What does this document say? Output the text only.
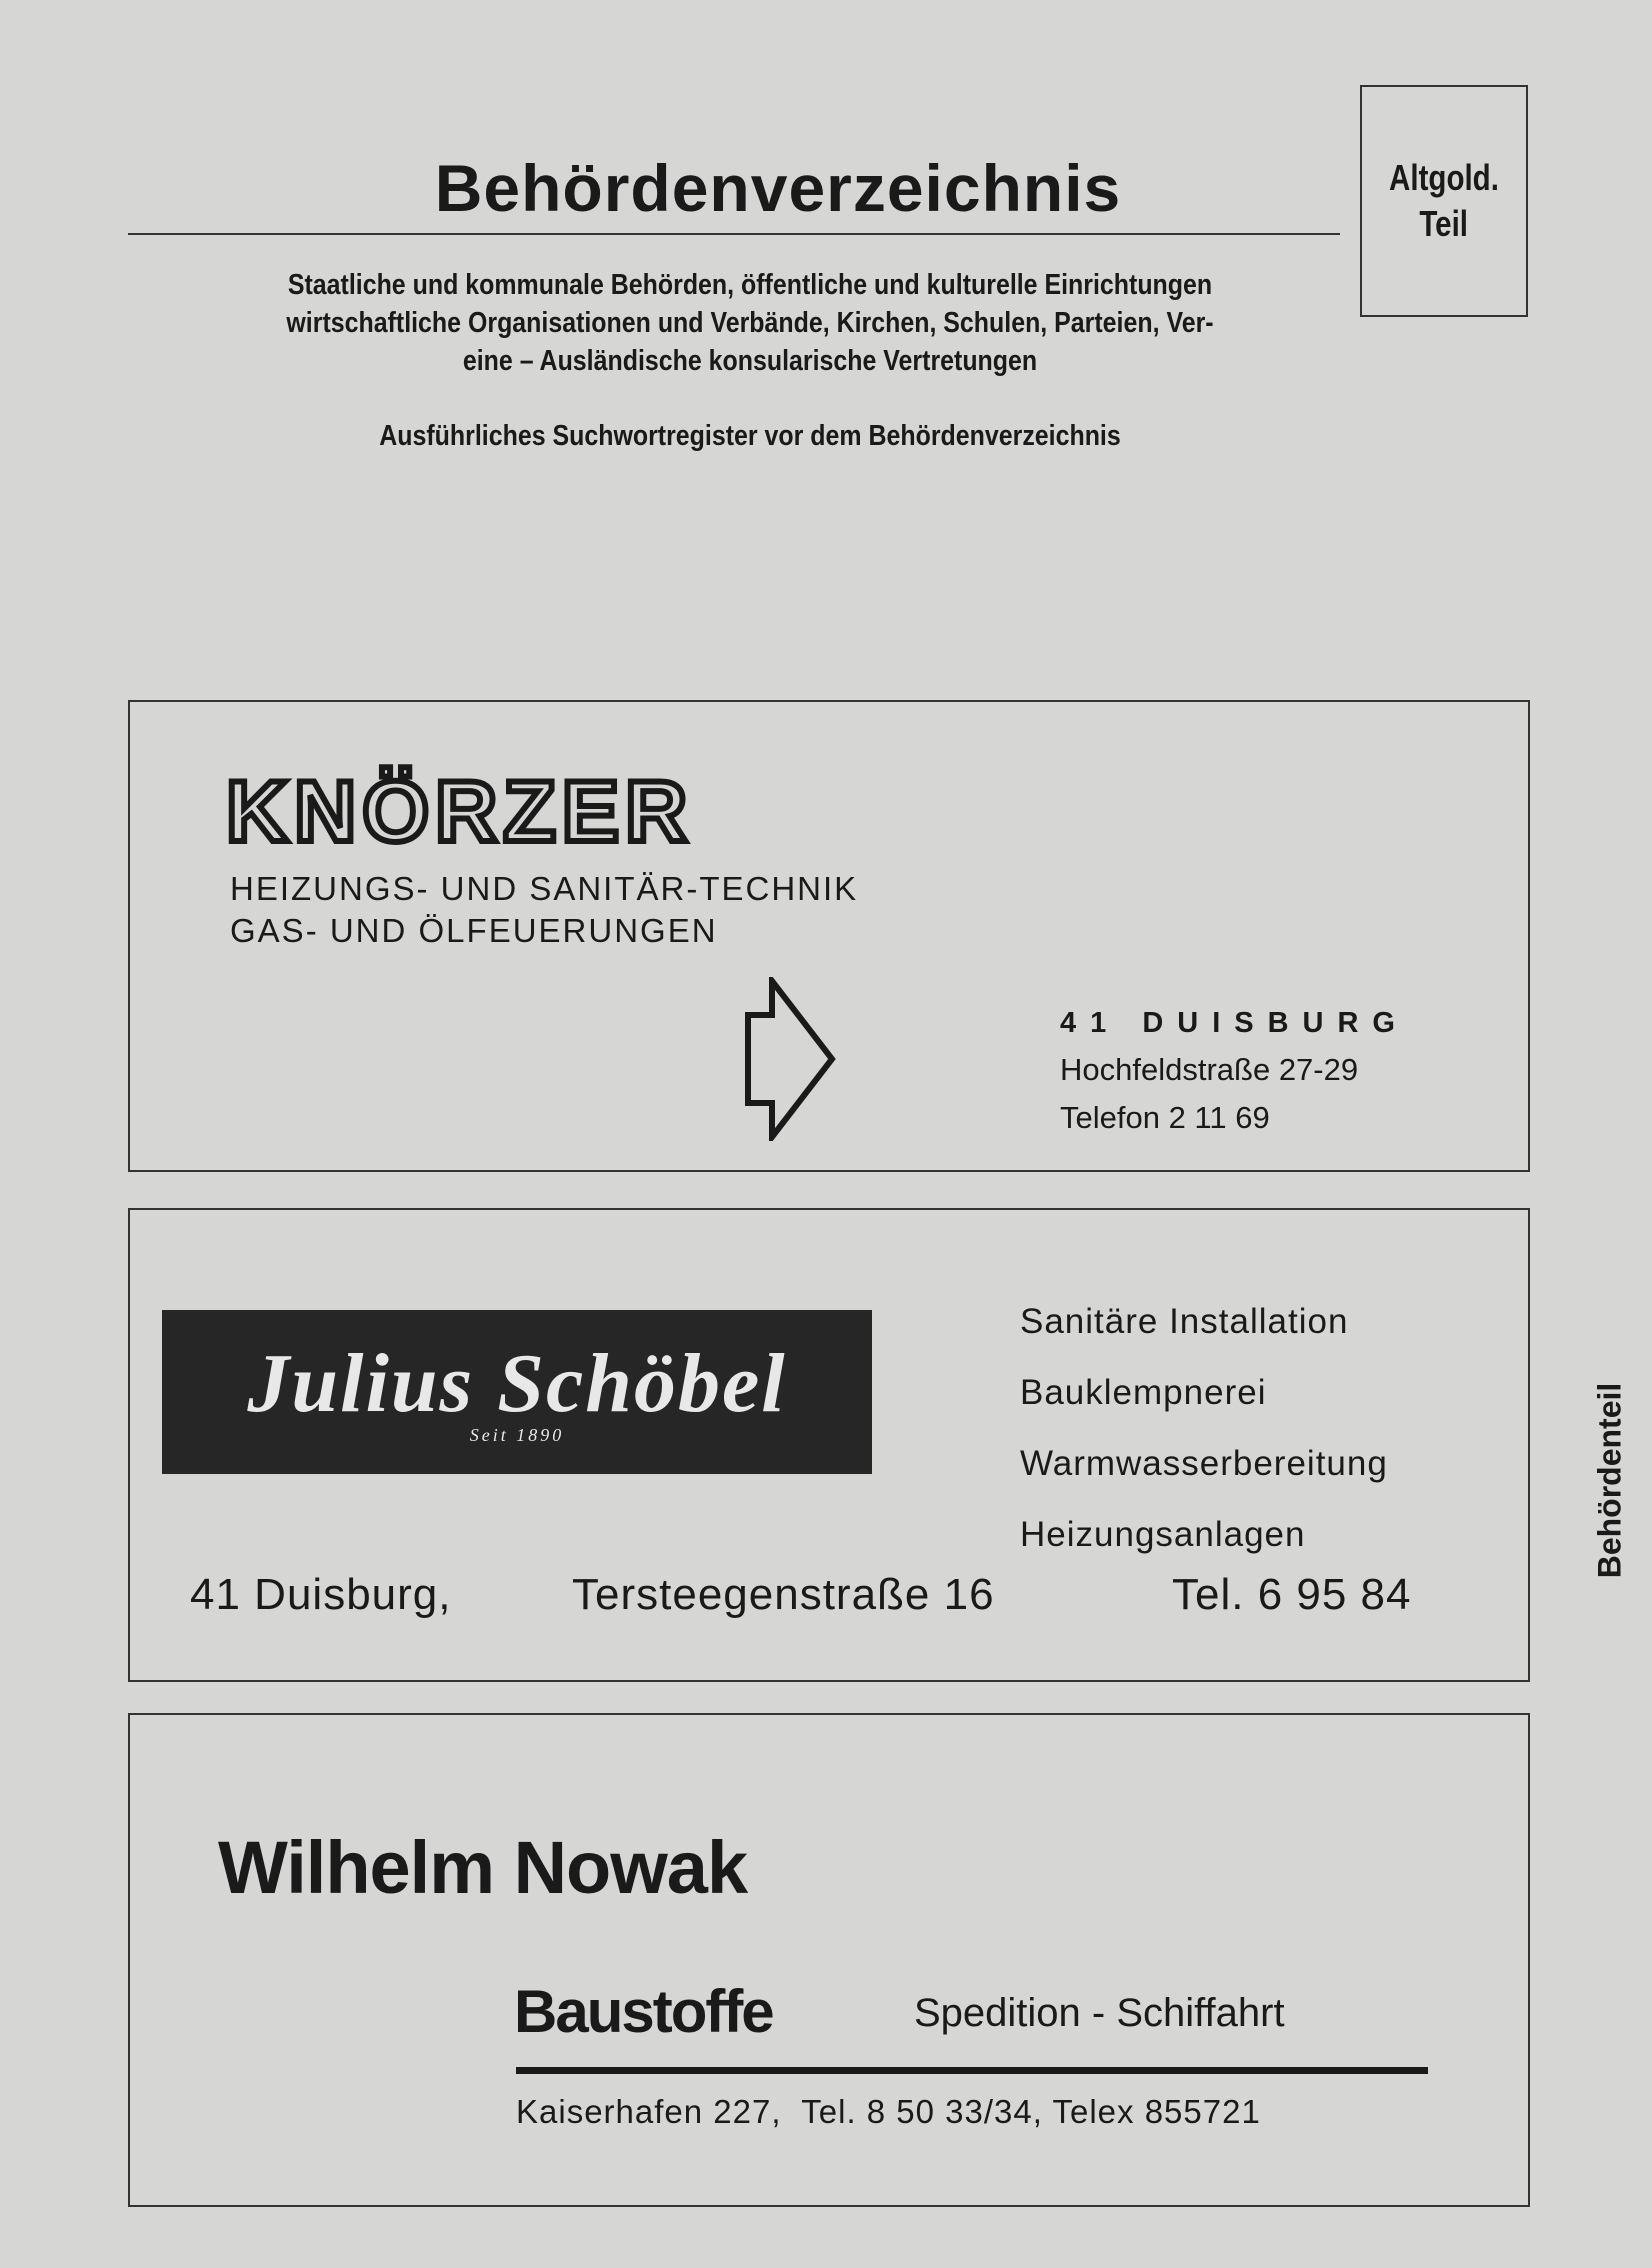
Behördenverzeichnis

Staatliche und kommunale Behörden, öffentliche und kulturelle Einrichtungen
wirtschaftliche Organisationen und Verbände, Kirchen, Schulen, Parteien, Ver-
eine – Ausländische konsularische Vertretungen

Ausführliches Suchwortregister vor dem Behördenverzeichnis

Altgold.
Teil
KNÖRZER
HEIZUNGS- UND SANITÄR-TECHNIK
GAS- UND ÖLFEUERUNGEN
41 DUISBURG
Hochfeldstraße 27-29
Telefon 2 11 69
Julius Schöbel
Seit 1890
Sanitäre Installation
Bauklempnerei
Warmwasserbereitung
Heizungsanlagen
41 Duisburg,	Tersteegenstraße 16	Tel. 6 95 84
Wilhelm Nowak
Baustoffe	Spedition - Schiffahrt
Kaiserhafen 227,  Tel. 8 50 33/34, Telex 855721
Behördenteil
